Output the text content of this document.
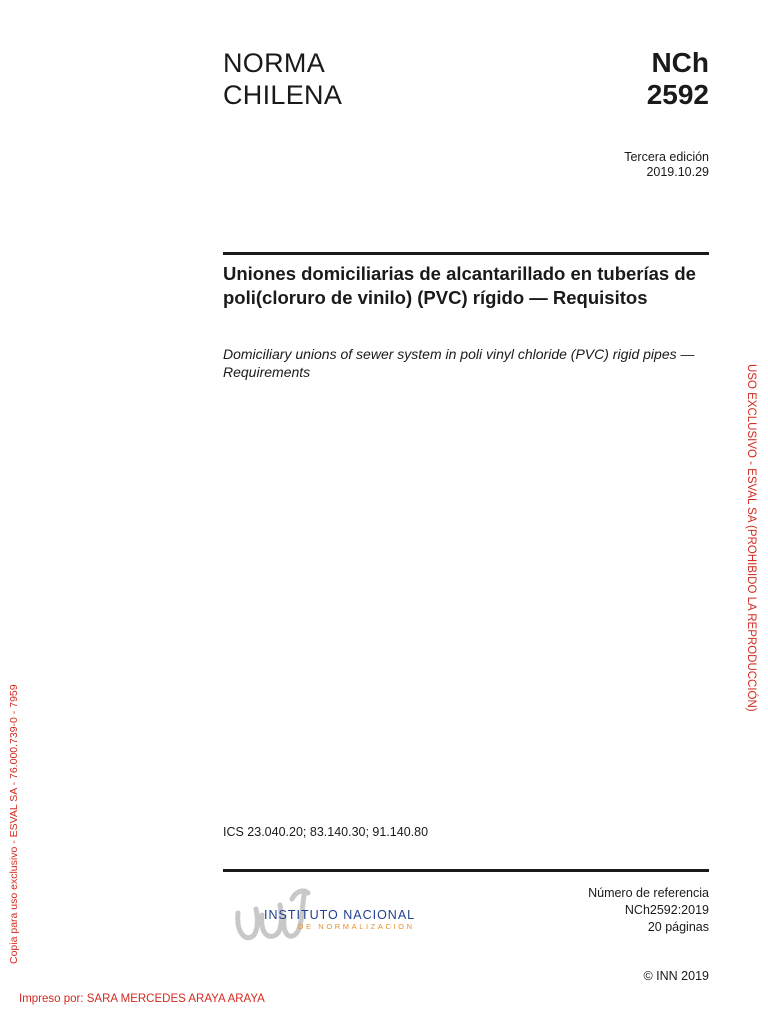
NORMA
CHILENA
NCh
2592
Tercera edición
2019.10.29
Uniones domiciliarias de alcantarillado en tuberías de poli(cloruro de vinilo) (PVC) rígido — Requisitos
Domiciliary unions of sewer system in poli vinyl chloride (PVC) rigid pipes — Requirements
ICS 23.040.20; 83.140.30; 91.140.80
INSTITUTO NACIONAL
DE NORMALIZACION
Número de referencia
NCh2592:2019
20 páginas
© INN 2019
USO EXCLUSIVO - ESVAL SA (PROHIBIDO LA REPRODUCCIÓN)
Copia para uso exclusivo - ESVAL SA - 76.000.739-0 - 7959
Impreso por: SARA MERCEDES ARAYA ARAYA
